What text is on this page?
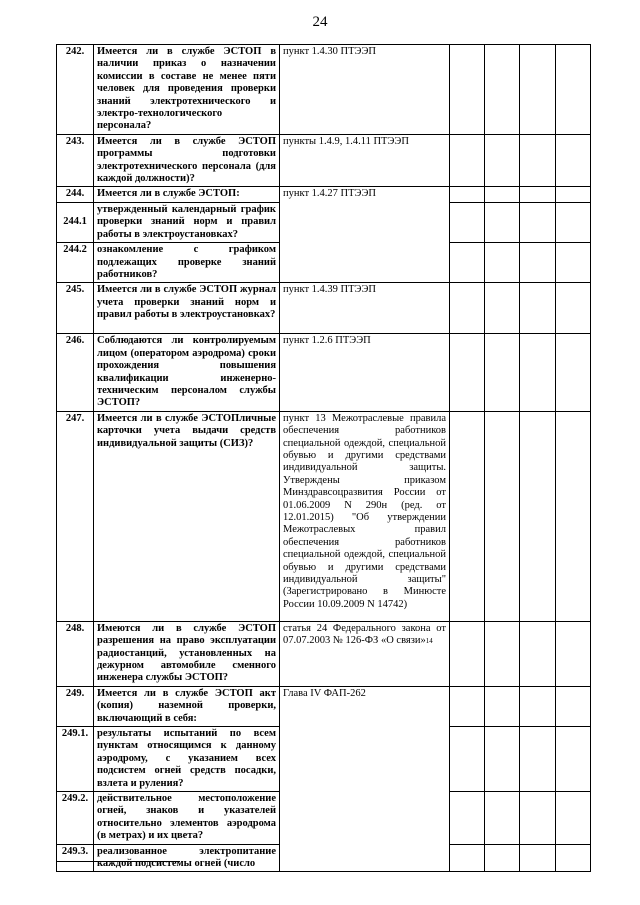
24
242.	Имеется ли в службе ЭСТОП в наличии приказ о назначении комиссии в составе не менее пяти человек для проведения проверки знаний электротехнического и электро-технологического персонала?	пункт 1.4.30 ПТЭЭП				
243.	Имеется ли в службе ЭСТОП программы подготовки электротехнического персонала (для каждой должности)?	пункты 1.4.9, 1.4.11 ПТЭЭП				
244.	Имеется ли в службе ЭСТОП:	пункт 1.4.27 ПТЭЭП				
244.1	утвержденный календарный график проверки знаний норм и правил работы в электроустановках?					
244.2	ознакомление с графиком подлежащих проверке знаний работников?					
245.	Имеется ли в службе ЭСТОП журнал учета проверки знаний норм и правил работы в электроустановках?	пункт 1.4.39 ПТЭЭП				
246.	Соблюдаются ли контролируемым лицом (оператором аэродрома) сроки прохождения повышения квалификации инженерно-техническим персоналом службы ЭСТОП?	пункт 1.2.6 ПТЭЭП				
247.	Имеется ли в службе ЭСТОПличные карточки учета выдачи средств индивидуальной защиты (СИЗ)?	пункт 13 Межотраслевые правила обеспечения работников специальной одеждой, специальной обувью и другими средствами индивидуальной защиты. Утверждены приказом Минздравсоцразвития России от 01.06.2009 N 290н (ред. от 12.01.2015) "Об утверждении Межотраслевых правил обеспечения работников специальной одеждой, специальной обувью и другими средствами индивидуальной защиты" (Зарегистрировано в Минюсте России 10.09.2009 N 14742)				
248.	Имеются ли в службе ЭСТОП разрешения на право эксплуатации радиостанций, установленных на дежурном автомобиле сменного инженера службы ЭСТОП?	статья 24 Федерального закона от 07.07.2003 № 126-ФЗ «О связи»$^{14}$				
249.	Имеется ли в службе ЭСТОП акт (копия) наземной проверки, включающий в себя:	Глава IV ФАП-262				
249.1.	результаты испытаний по всем пунктам относящимся к данному аэродрому, с указанием всех подсистем огней средств посадки, взлета и руления?					
249.2.	действительное местоположение огней, знаков и указателей относительно элементов аэродрома (в метрах) и их цвета?					
249.3.	реализованное электропитание каждой подсистемы огней (число					
